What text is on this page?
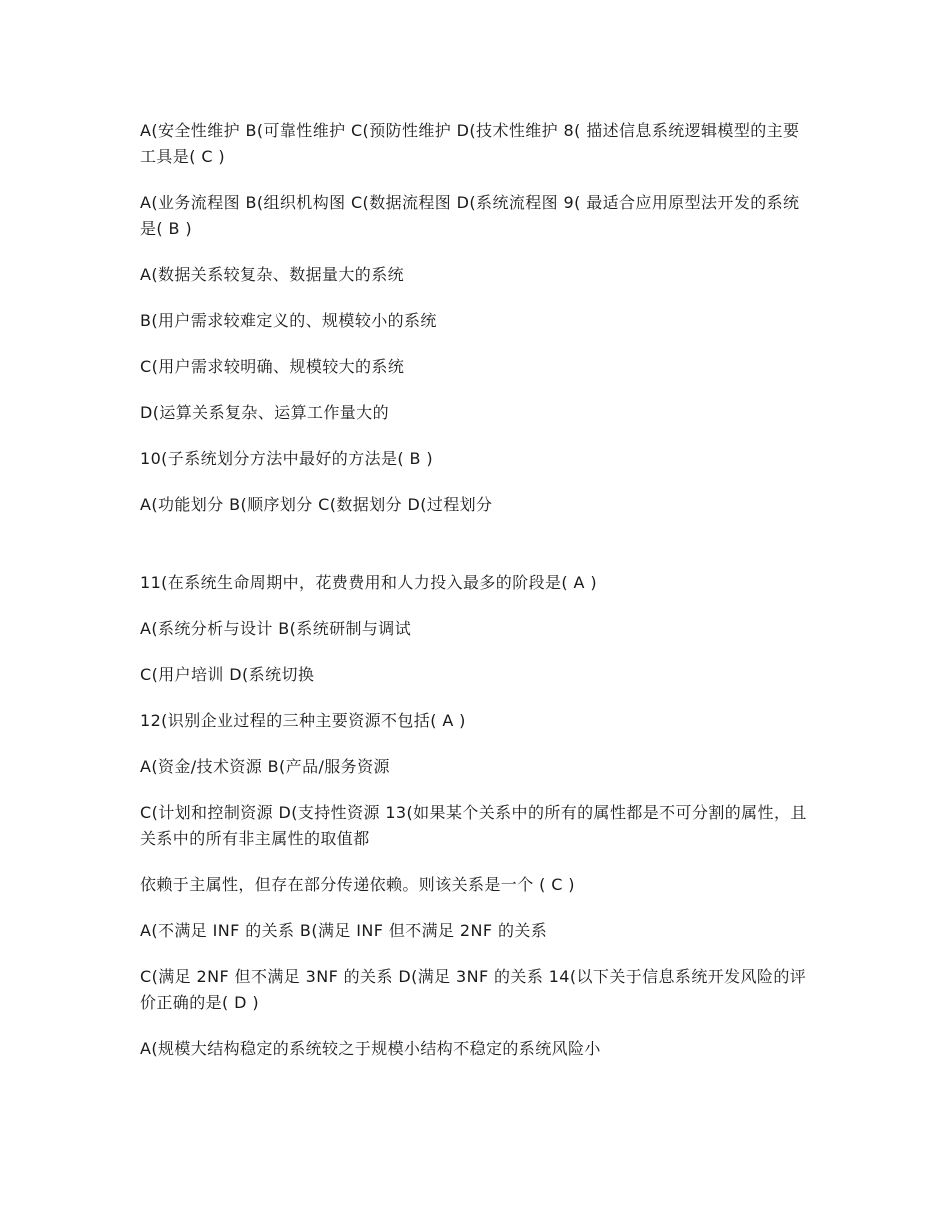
A(安全性维护 B(可靠性维护 C(预防性维护 D(技术性维护 8( 描述信息系统逻辑模型的主要工具是( C )

A(业务流程图 B(组织机构图 C(数据流程图 D(系统流程图 9( 最适合应用原型法开发的系统是( B )

A(数据关系较复杂、数据量大的系统

B(用户需求较难定义的、规模较小的系统

C(用户需求较明确、规模较大的系统

D(运算关系复杂、运算工作量大的

10(子系统划分方法中最好的方法是( B )

A(功能划分 B(顺序划分 C(数据划分 D(过程划分

11(在系统生命周期中，花费费用和人力投入最多的阶段是( A )

A(系统分析与设计 B(系统研制与调试

C(用户培训 D(系统切换

12(识别企业过程的三种主要资源不包括( A )

A(资金/技术资源 B(产品/服务资源

C(计划和控制资源 D(支持性资源 13(如果某个关系中的所有的属性都是不可分割的属性，且关系中的所有非主属性的取值都

依赖于主属性，但存在部分传递依赖。则该关系是一个 ( C )

A(不满足 INF 的关系 B(满足 INF 但不满足 2NF 的关系

C(满足 2NF 但不满足 3NF 的关系 D(满足 3NF 的关系 14(以下关于信息系统开发风险的评价正确的是( D )

A(规模大结构稳定的系统较之于规模小结构不稳定的系统风险小
